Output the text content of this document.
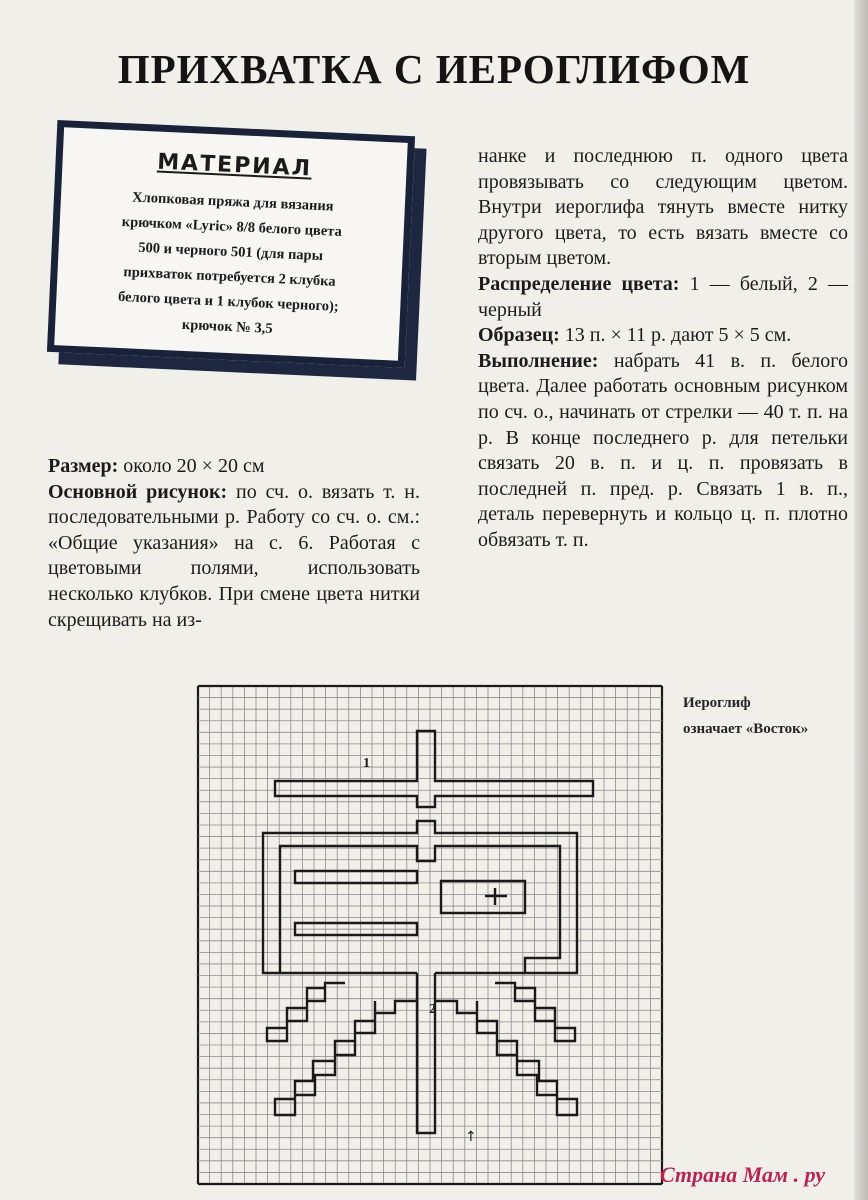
ПРИХВАТКА С ИЕРОГЛИФОМ
МАТЕРИАЛ
Хлопковая пряжа для вязания
крючком «Lyric» 8/8 белого цвета
500 и черного 501 (для пары
прихваток потребуется 2 клубка
белого цвета и 1 клубок черного);
крючок № 3,5

Размер: около 20 × 20 см

Основной рисунок: по сч. о. вязать т. н. последовательными р. Работу со сч. о. см.: «Общие указания» на с. 6. Работая с цветовыми полями, использовать несколько клубков. При смене цвета нитки скрещивать на из-

нанке и последнюю п. одного цвета провязывать со следующим цветом. Внутри иероглифа тянуть вместе нитку другого цвета, то есть вязать вместе со вторым цветом.

Распределение цвета: 1 — белый, 2 — черный

Образец: 13 п. × 11 р. дают 5 × 5 см.

Выполнение: набрать 41 в. п. белого цвета. Далее работать основным рисунком по сч. о., начинать от стрелки — 40 т. п. на р. В конце последнего р. для петельки связать 20 в. п. и ц. п. провязать в последней п. пред. р. Связать 1 в. п., деталь перевернуть и кольцо ц. п. плотно обвязать т. п.

1
2
↑
Иероглиф
означает «Восток»
Страна Мам . ру
